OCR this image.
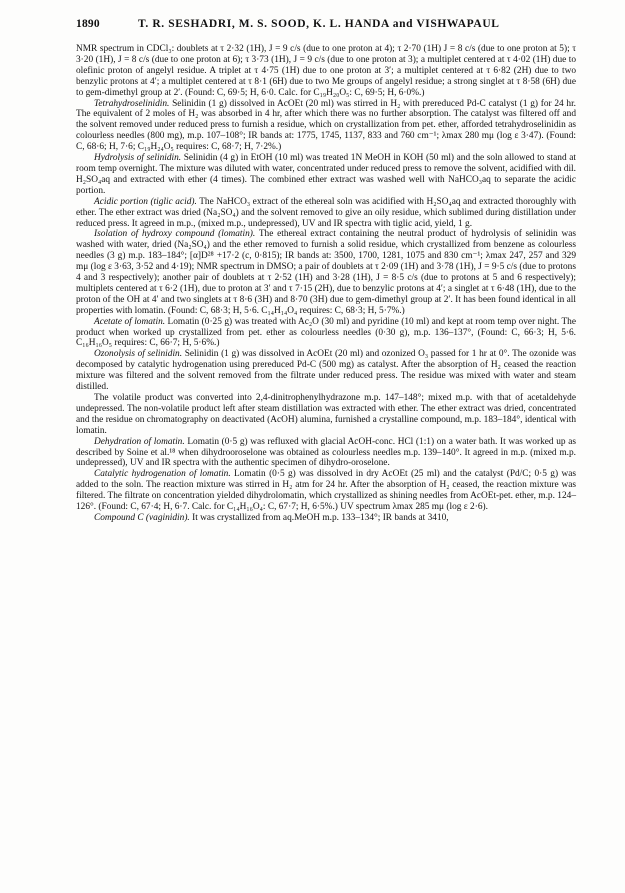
1890	T. R. SESHADRI, M. S. SOOD, K. L. HANDA and VISHWAPAUL

NMR spectrum in CDCl₃: doublets at τ 2·32 (1H), J = 9 c/s (due to one proton at 4); τ 2·70 (1H) J = 8 c/s (due to one proton at 5); τ 3·20 (1H), J = 8 c/s (due to one proton at 6); τ 3·73 (1H), J = 9 c/s (due to one proton at 3); a multiplet centered at τ 4·02 (1H) due to olefinic proton of angelyl residue. A triplet at τ 4·75 (1H) due to one proton at 3′; a multiplet centered at τ 6·82 (2H) due to two benzylic protons at 4′; a multiplet centered at τ 8·1 (6H) due to two Me groups of angelyl residue; a strong singlet at τ 8·58 (6H) due to gem-dimethyl group at 2′. (Found: C, 69·5; H, 6·0. Calc. for C₁₉H₂₀O₅: C, 69·5; H, 6·0%.)

Tetrahydroselinidin. Selinidin (1 g) dissolved in AcOEt (20 ml) was stirred in H₂ with prereduced Pd-C catalyst (1 g) for 24 hr. The equivalent of 2 moles of H₂ was absorbed in 4 hr, after which there was no further absorption. The catalyst was filtered off and the solvent removed under reduced press to furnish a residue, which on crystallization from pet. ether, afforded tetrahydroselinidin as colourless needles (800 mg), m.p. 107–108°; IR bands at: 1775, 1745, 1137, 833 and 760 cm⁻¹; λmax 280 mμ (log ε 3·47). (Found: C, 68·6; H, 7·6; C₁₉H₂₄O₅ requires: C, 68·7; H, 7·2%.)

Hydrolysis of selinidin. Selinidin (4 g) in EtOH (10 ml) was treated 1N MeOH in KOH (50 ml) and the soln allowed to stand at room temp overnight. The mixture was diluted with water, concentrated under reduced press to remove the solvent, acidified with dil. H₂SO₄aq and extracted with ether (4 times). The combined ether extract was washed well with NaHCO₃aq to separate the acidic portion.

Acidic portion (tiglic acid). The NaHCO₃ extract of the ethereal soln was acidified with H₂SO₄aq and extracted thoroughly with ether. The ether extract was dried (Na₂SO₄) and the solvent removed to give an oily residue, which sublimed during distillation under reduced press. It agreed in m.p., (mixed m.p., undepressed), UV and IR spectra with tiglic acid, yield, 1 g.

Isolation of hydroxy compound (lomatin). The ethereal extract containing the neutral product of hydrolysis of selinidin was washed with water, dried (Na₂SO₄) and the ether removed to furnish a solid residue, which crystallized from benzene as colourless needles (3 g) m.p. 183–184°; [α]D²⁸ +17·2 (c, 0·815); IR bands at: 3500, 1700, 1281, 1075 and 830 cm⁻¹; λmax 247, 257 and 329 mμ (log ε 3·63, 3·52 and 4·19); NMR spectrum in DMSO; a pair of doublets at τ 2·09 (1H) and 3·78 (1H), J = 9·5 c/s (due to protons 4 and 3 respectively); another pair of doublets at τ 2·52 (1H) and 3·28 (1H), J = 8·5 c/s (due to protons at 5 and 6 respectively); multiplets centered at τ 6·2 (1H), due to proton at 3′ and τ 7·15 (2H), due to benzylic protons at 4′; a singlet at τ 6·48 (1H), due to the proton of the OH at 4′ and two singlets at τ 8·6 (3H) and 8·70 (3H) due to gem-dimethyl group at 2′. It has been found identical in all properties with lomatin. (Found: C, 68·3; H, 5·6. C₁₄H₁₄O₄ requires: C, 68·3; H, 5·7%.)

Acetate of lomatin. Lomatin (0·25 g) was treated with Ac₂O (30 ml) and pyridine (10 ml) and kept at room temp over night. The product when worked up crystallized from pet. ether as colourless needles (0·30 g), m.p. 136–137°, (Found: C, 66·3; H, 5·6. C₁₆H₁₆O₅ requires: C, 66·7; H, 5·6%.)

Ozonolysis of selinidin. Selinidin (1 g) was dissolved in AcOEt (20 ml) and ozonized O₃ passed for 1 hr at 0°. The ozonide was decomposed by catalytic hydrogenation using prereduced Pd-C (500 mg) as catalyst. After the absorption of H₂ ceased the reaction mixture was filtered and the solvent removed from the filtrate under reduced press. The residue was mixed with water and steam distilled.

The volatile product was converted into 2,4-dinitrophenylhydrazone m.p. 147–148°; mixed m.p. with that of acetaldehyde undepressed. The non-volatile product left after steam distillation was extracted with ether. The ether extract was dried, concentrated and the residue on chromatography on deactivated (AcOH) alumina, furnished a crystalline compound, m.p. 183–184°, identical with lomatin.

Dehydration of lomatin. Lomatin (0·5 g) was refluxed with glacial AcOH-conc. HCl (1:1) on a water bath. It was worked up as described by Soine et al.¹⁸ when dihydrooroselone was obtained as colourless needles m.p. 139–140°. It agreed in m.p. (mixed m.p. undepressed), UV and IR spectra with the authentic specimen of dihydro-oroselone.

Catalytic hydrogenation of lomatin. Lomatin (0·5 g) was dissolved in dry AcOEt (25 ml) and the catalyst (Pd/C; 0·5 g) was added to the soln. The reaction mixture was stirred in H₂ atm for 24 hr. After the absorption of H₂ ceased, the reaction mixture was filtered. The filtrate on concentration yielded dihydrolomatin, which crystallized as shining needles from AcOEt-pet. ether, m.p. 124–126°. (Found: C, 67·4; H, 6·7. Calc. for C₁₄H₁₆O₄: C, 67·7; H, 6·5%.) UV spectrum λmax 285 mμ (log ε 2·6).

Compound C (vaginidin). It was crystallized from aq.MeOH m.p. 133–134°; IR bands at 3410,
